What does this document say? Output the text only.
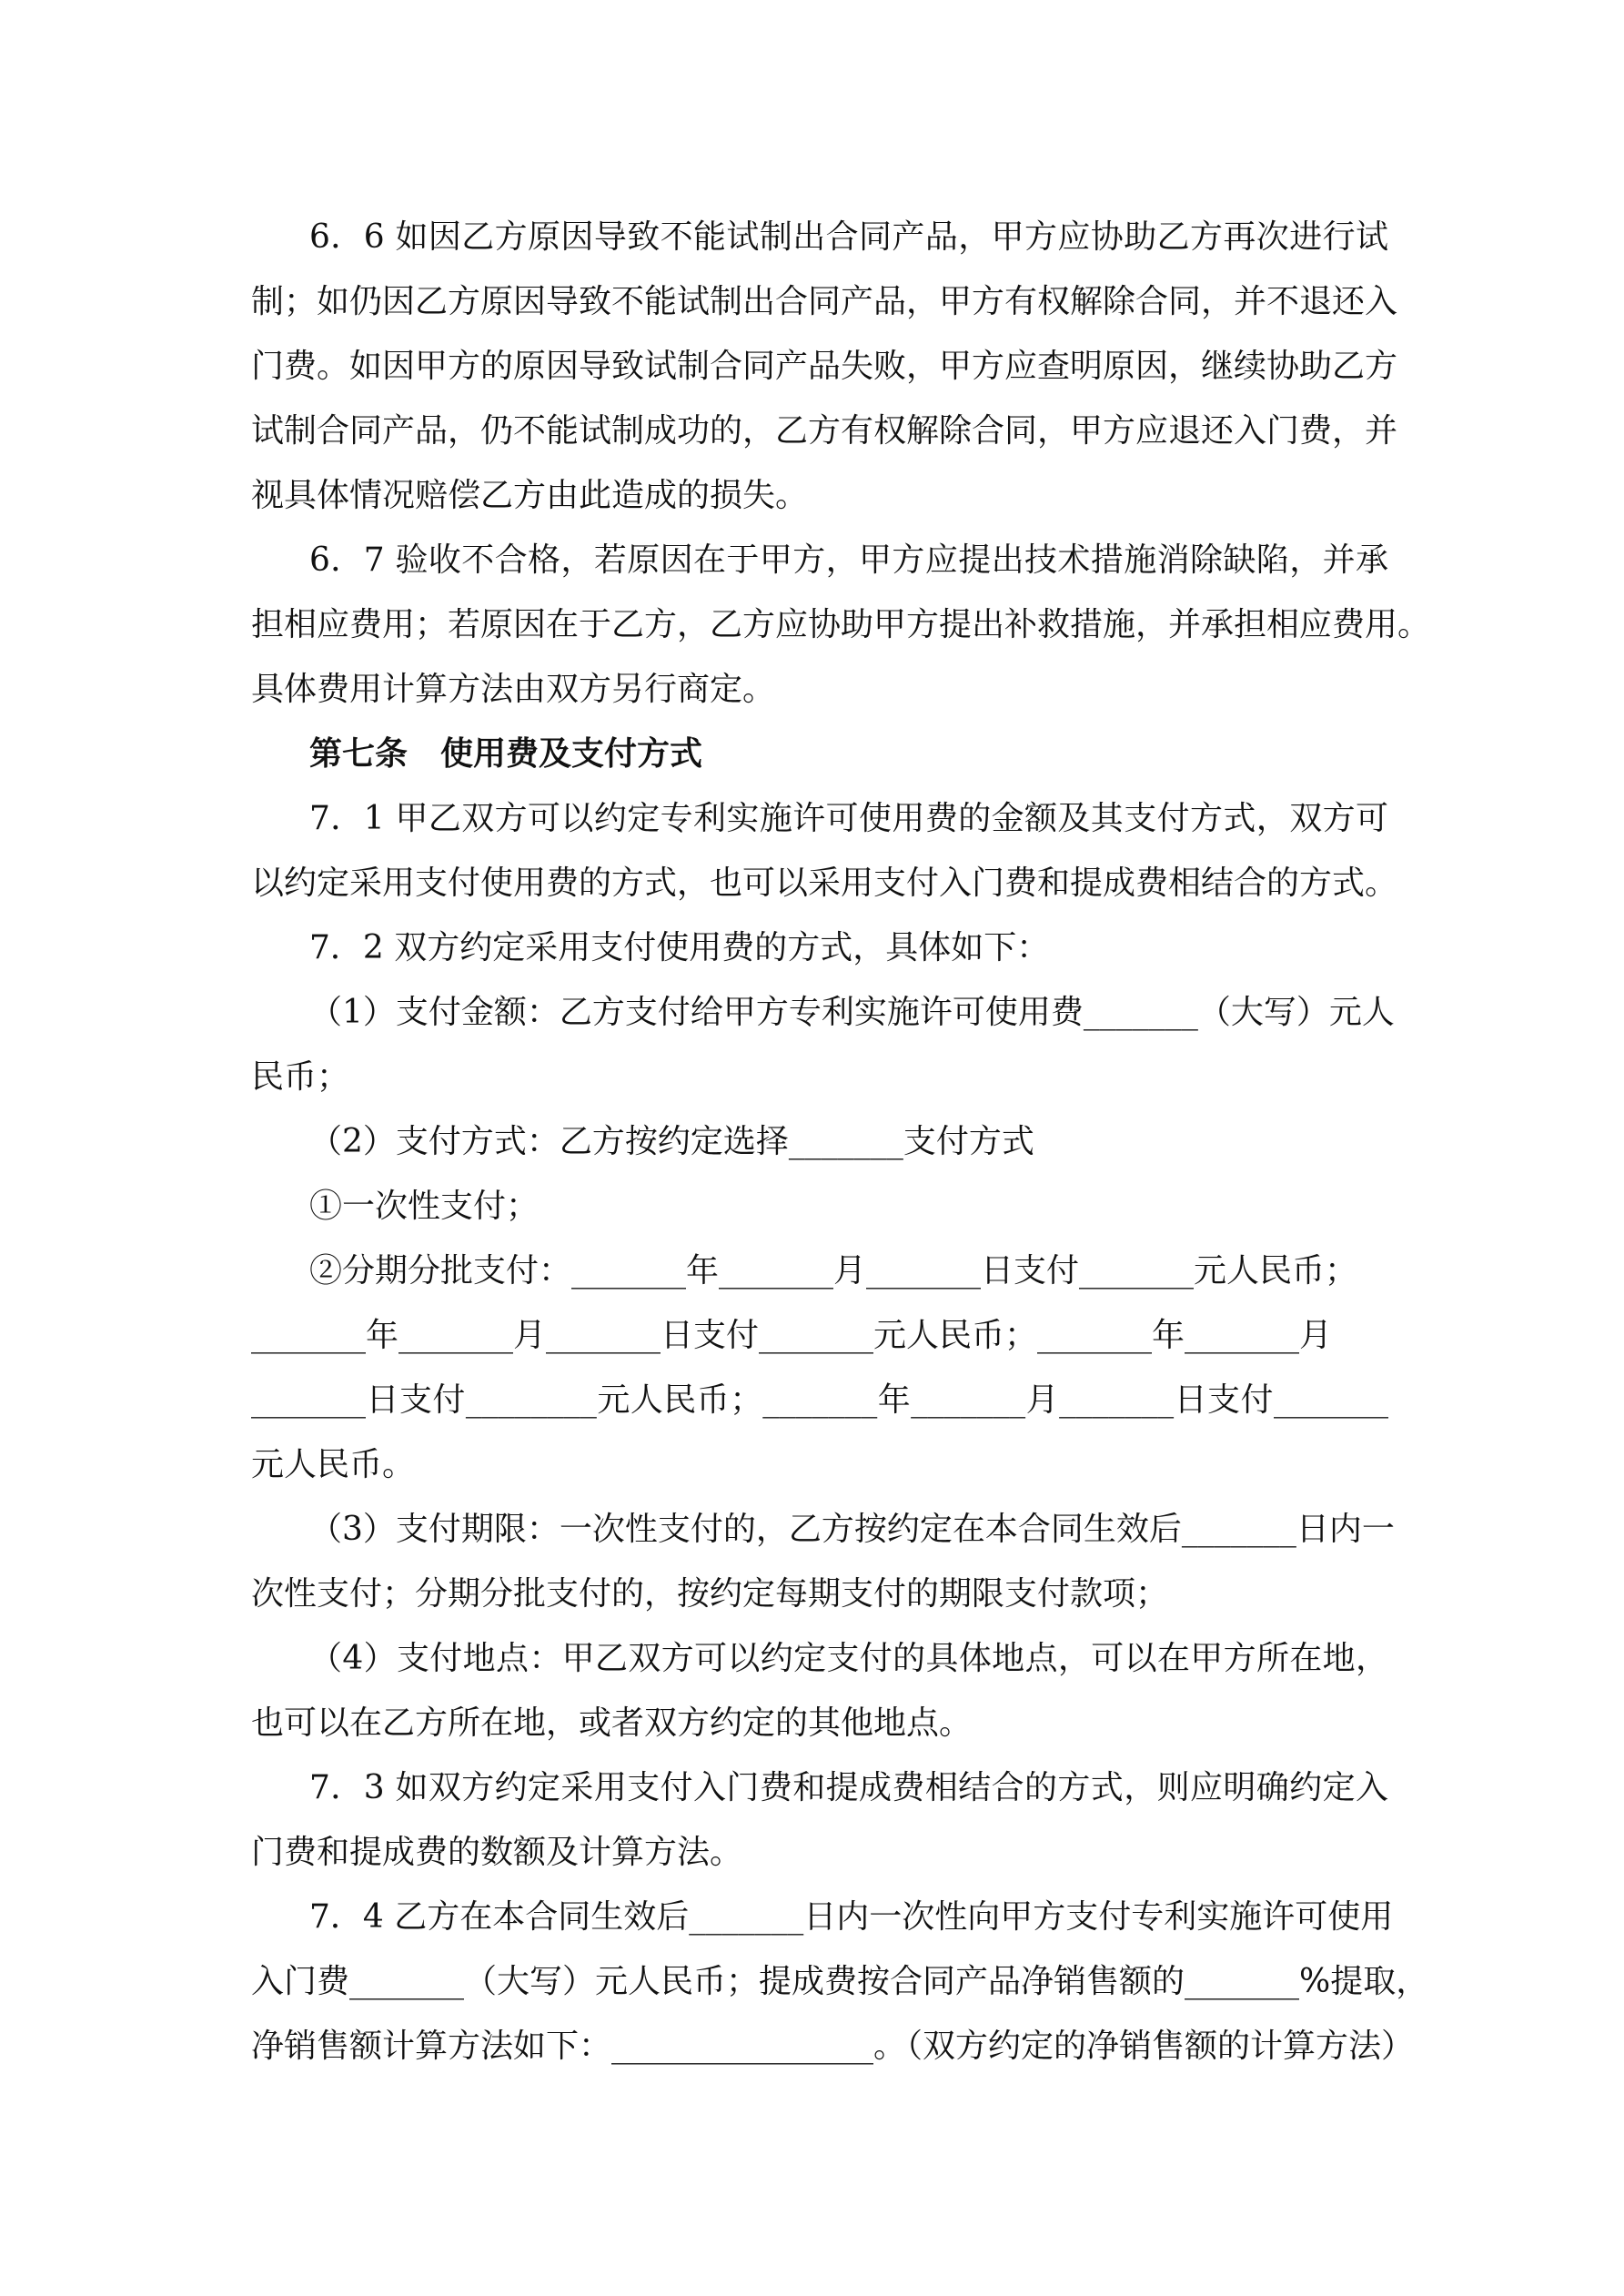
6．6 如因乙方原因导致不能试制出合同产品，甲方应协助乙方再次进行试
制；如仍因乙方原因导致不能试制出合同产品，甲方有权解除合同，并不退还入
门费。如因甲方的原因导致试制合同产品失败，甲方应查明原因，继续协助乙方
试制合同产品，仍不能试制成功的，乙方有权解除合同，甲方应退还入门费，并
视具体情况赔偿乙方由此造成的损失。
6．7 验收不合格，若原因在于甲方，甲方应提出技术措施消除缺陷，并承
担相应费用；若原因在于乙方，乙方应协助甲方提出补救措施，并承担相应费用。
具体费用计算方法由双方另行商定。
第七条　使用费及支付方式
7．1 甲乙双方可以约定专利实施许可使用费的金额及其支付方式，双方可
以约定采用支付使用费的方式，也可以采用支付入门费和提成费相结合的方式。
7．2 双方约定采用支付使用费的方式，具体如下：
（1）支付金额：乙方支付给甲方专利实施许可使用费_______（大写）元人
民币；
（2）支付方式：乙方按约定选择_______支付方式
①一次性支付；
②分期分批支付：_______年_______月_______日支付_______元人民币；
_______年_______月_______日支付_______元人民币；_______年_______月
_______日支付________元人民币；_______年_______月_______日支付_______
元人民币。
（3）支付期限：一次性支付的，乙方按约定在本合同生效后_______日内一
次性支付；分期分批支付的，按约定每期支付的期限支付款项；
（4）支付地点：甲乙双方可以约定支付的具体地点，可以在甲方所在地，
也可以在乙方所在地，或者双方约定的其他地点。
7．3 如双方约定采用支付入门费和提成费相结合的方式，则应明确约定入
门费和提成费的数额及计算方法。
7．4 乙方在本合同生效后_______日内一次性向甲方支付专利实施许可使用
入门费_______（大写）元人民币；提成费按合同产品净销售额的_______%提取，
净销售额计算方法如下：________________。（双方约定的净销售额的计算方法）
